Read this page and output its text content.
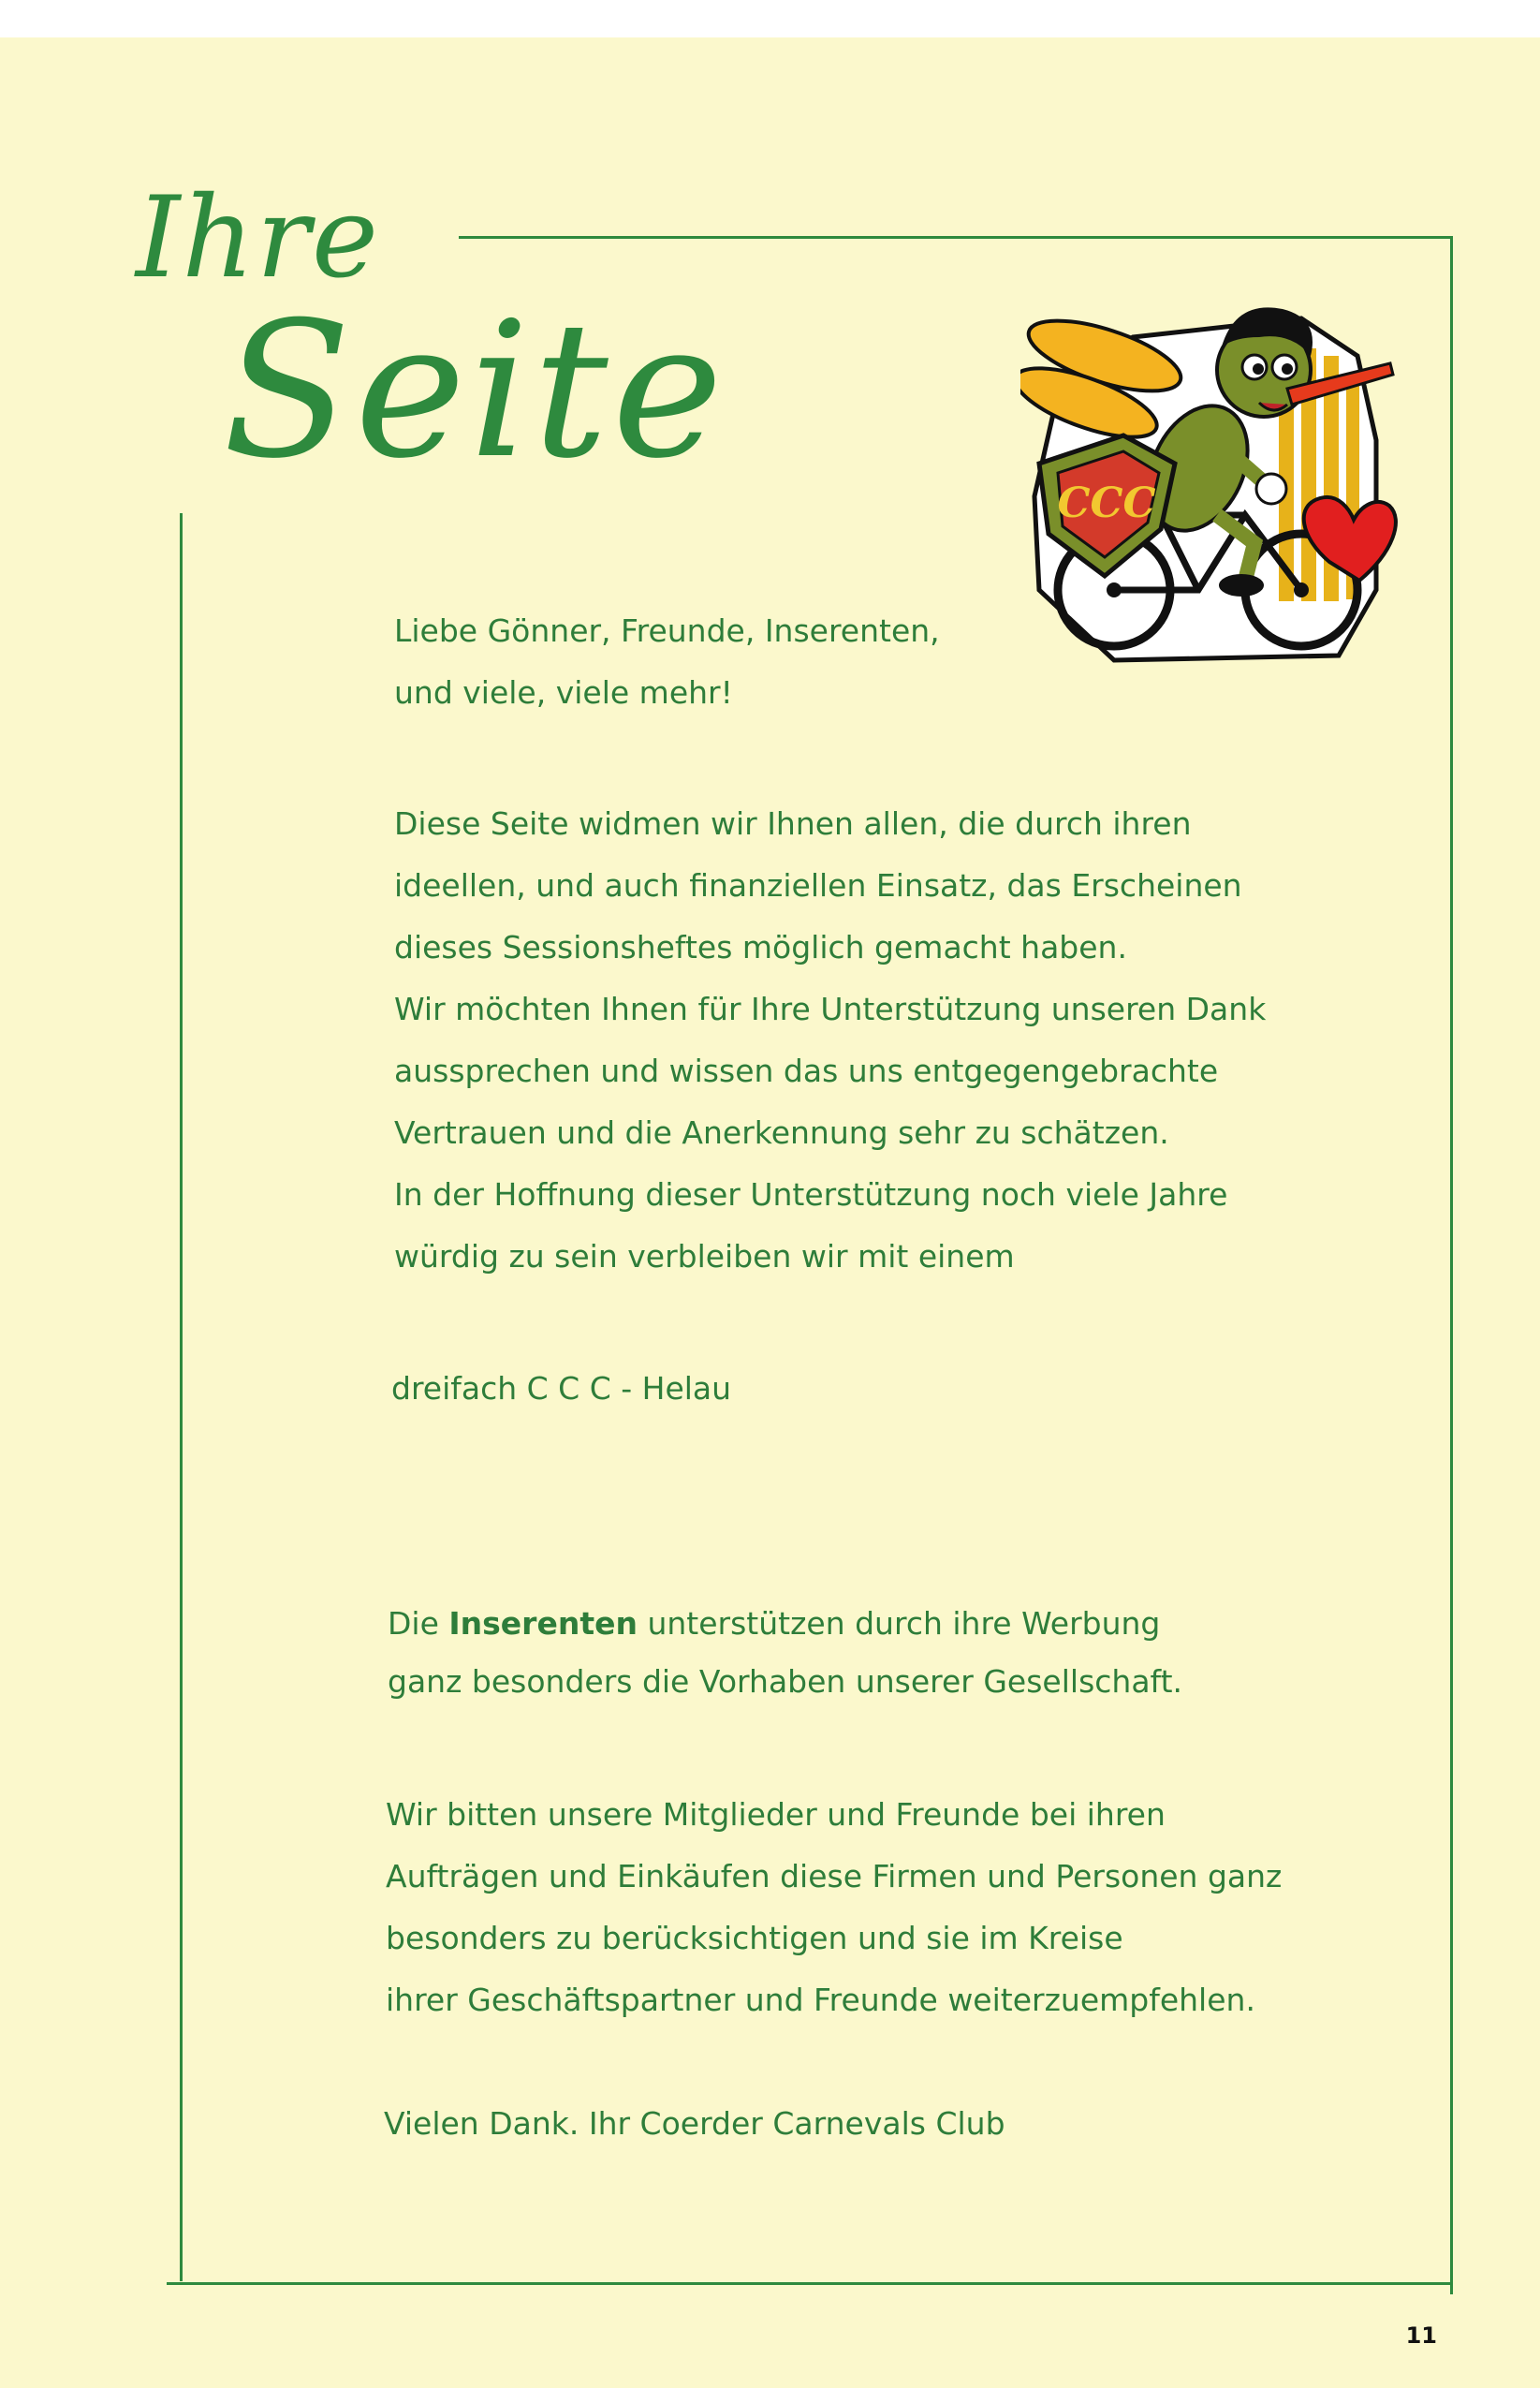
Ihre
Seite
CCC

Liebe Gönner, Freunde, Inserenten,

und viele, viele mehr!

Diese Seite widmen wir Ihnen allen, die durch ihren

ideellen, und auch finanziellen Einsatz, das Erscheinen

dieses Sessionsheftes möglich gemacht haben.

Wir möchten Ihnen für Ihre Unterstützung unseren Dank

aussprechen und wissen das uns entgegengebrachte

Vertrauen und die Anerkennung sehr zu schätzen.

In der Hoffnung dieser Unterstützung noch viele Jahre

würdig zu sein verbleiben wir mit einem

dreifach C C C - Helau

Die Inserenten unterstützen durch ihre Werbung

ganz besonders die Vorhaben unserer Gesellschaft.

Wir bitten unsere Mitglieder und Freunde bei ihren

Aufträgen und Einkäufen diese Firmen und Personen ganz

besonders zu berücksichtigen und sie im Kreise

ihrer Geschäftspartner und Freunde weiterzuempfehlen.

Vielen Dank. Ihr Coerder Carnevals Club

11
